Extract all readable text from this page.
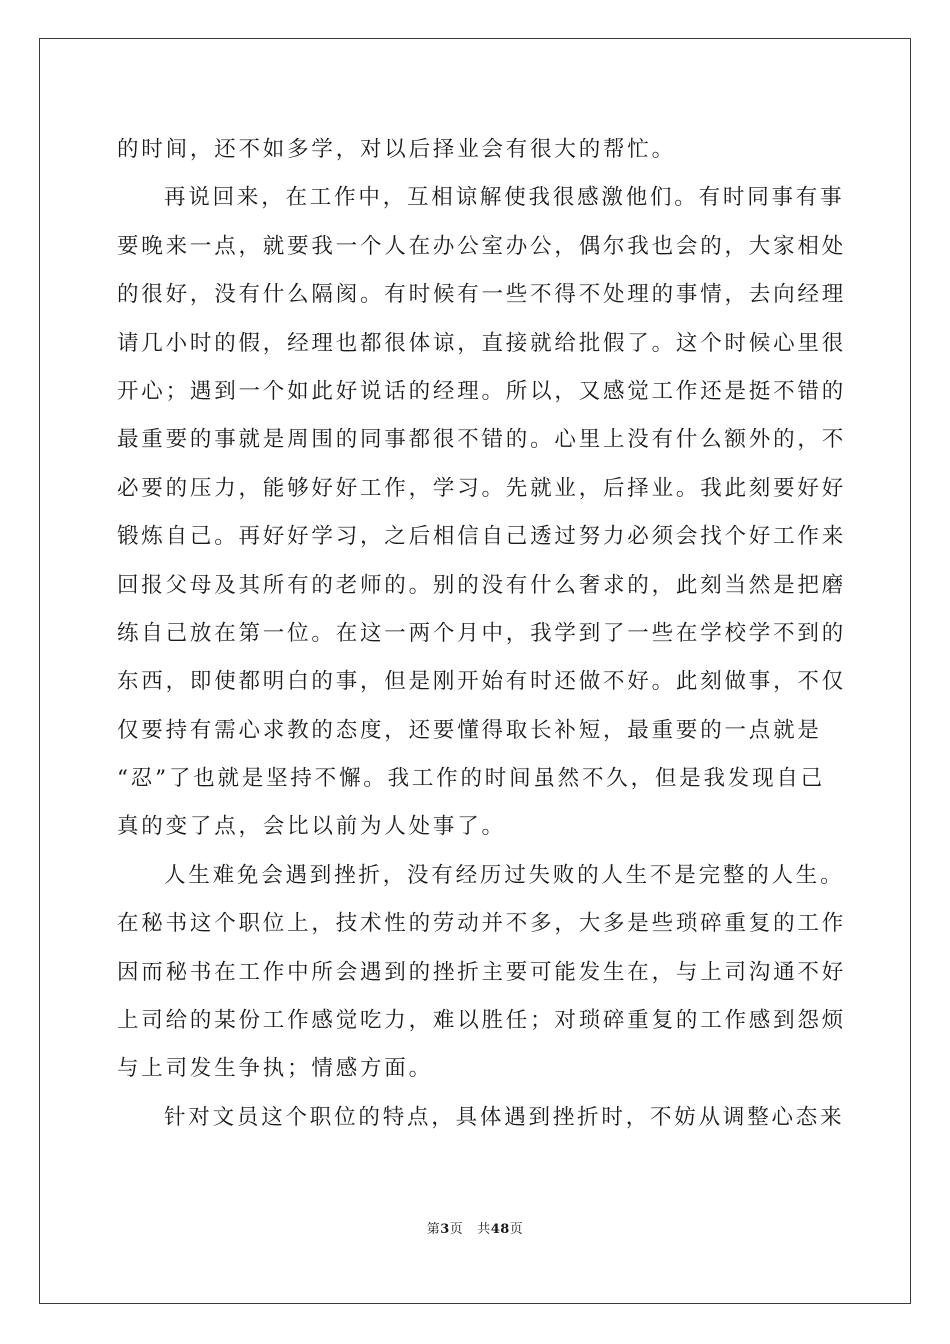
的时间，还不如多学，对以后择业会有很大的帮忙。
再说回来，在工作中，互相谅解使我很感激他们。有时同事有事
要晚来一点，就要我一个人在办公室办公，偶尔我也会的，大家相处
的很好，没有什么隔阂。有时候有一些不得不处理的事情，去向经理
请几小时的假，经理也都很体谅，直接就给批假了。这个时候心里很
开心；遇到一个如此好说话的经理。所以，又感觉工作还是挺不错的
最重要的事就是周围的同事都很不错的。心里上没有什么额外的，不
必要的压力，能够好好工作，学习。先就业，后择业。我此刻要好好
锻炼自己。再好好学习，之后相信自己透过努力必须会找个好工作来
回报父母及其所有的老师的。别的没有什么奢求的，此刻当然是把磨
练自己放在第一位。在这一两个月中，我学到了一些在学校学不到的
东西，即使都明白的事，但是刚开始有时还做不好。此刻做事，不仅
仅要持有需心求教的态度，还要懂得取长补短，最重要的一点就是
“忍”了也就是坚持不懈。我工作的时间虽然不久，但是我发现自己
真的变了点，会比以前为人处事了。
人生难免会遇到挫折，没有经历过失败的人生不是完整的人生。
在秘书这个职位上，技术性的劳动并不多，大多是些琐碎重复的工作
因而秘书在工作中所会遇到的挫折主要可能发生在，与上司沟通不好
上司给的某份工作感觉吃力，难以胜任；对琐碎重复的工作感到怨烦
与上司发生争执；情感方面。
针对文员这个职位的特点，具体遇到挫折时，不妨从调整心态来
第3页 共48页
